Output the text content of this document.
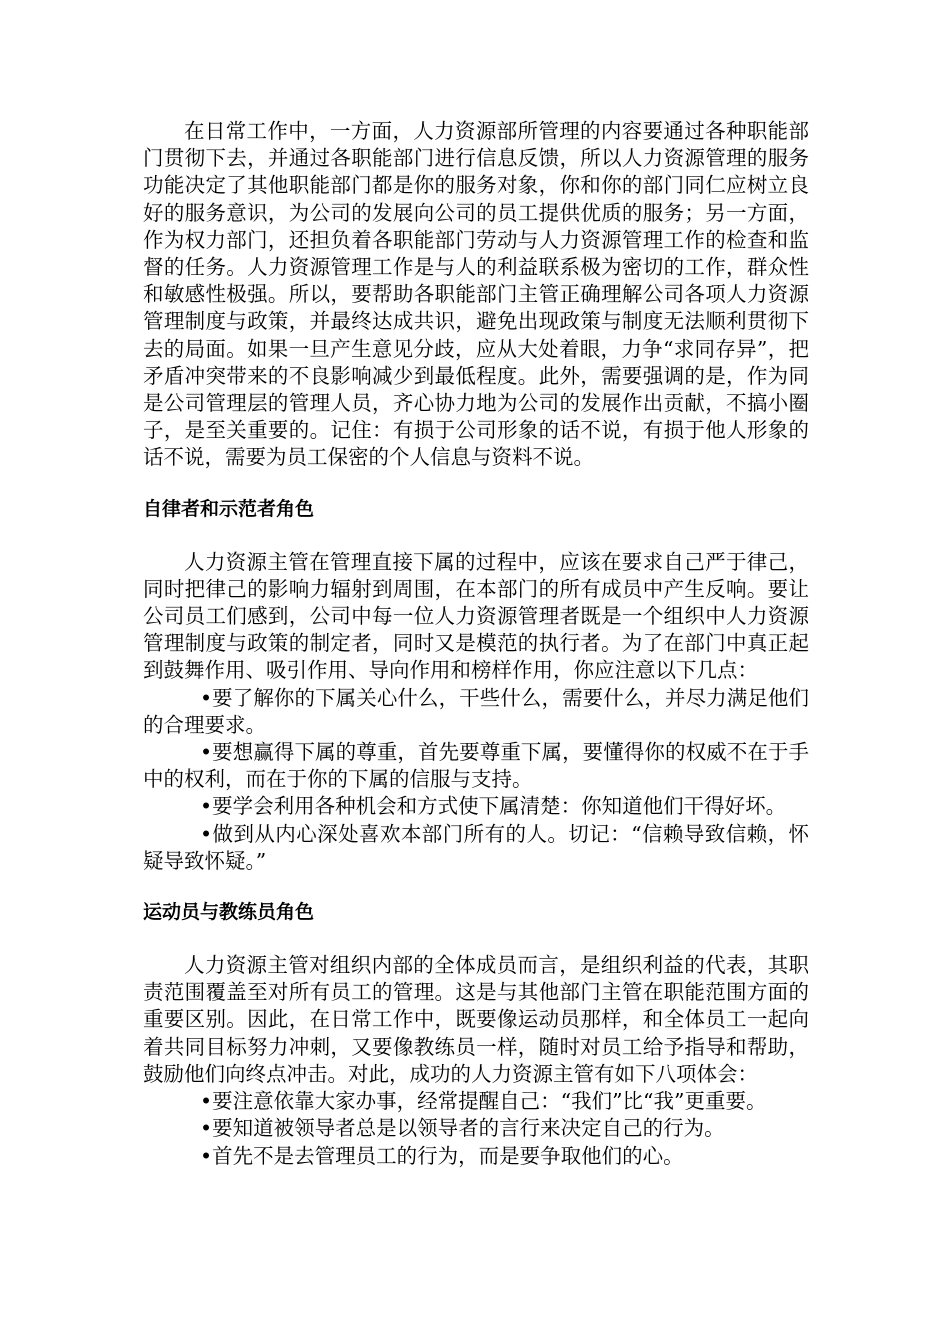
在日常工作中，一方面，人力资源部所管理的内容要通过各种职能部门贯彻下去，并通过各职能部门进行信息反馈，所以人力资源管理的服务功能决定了其他职能部门都是你的服务对象，你和你的部门同仁应树立良好的服务意识，为公司的发展向公司的员工提供优质的服务；另一方面，作为权力部门，还担负着各职能部门劳动与人力资源管理工作的检查和监督的任务。人力资源管理工作是与人的利益联系极为密切的工作，群众性和敏感性极强。所以，要帮助各职能部门主管正确理解公司各项人力资源管理制度与政策，并最终达成共识，避免出现政策与制度无法顺利贯彻下去的局面。如果一旦产生意见分歧，应从大处着眼，力争“求同存异”，把矛盾冲突带来的不良影响减少到最低程度。此外，需要强调的是，作为同是公司管理层的管理人员，齐心协力地为公司的发展作出贡献，不搞小圈子，是至关重要的。记住：有损于公司形象的话不说，有损于他人形象的话不说，需要为员工保密的个人信息与资料不说。

自律者和示范者角色

人力资源主管在管理直接下属的过程中，应该在要求自己严于律己，同时把律己的影响力辐射到周围，在本部门的所有成员中产生反响。要让公司员工们感到，公司中每一位人力资源管理者既是一个组织中人力资源管理制度与政策的制定者，同时又是模范的执行者。为了在部门中真正起到鼓舞作用、吸引作用、导向作用和榜样作用，你应注意以下几点：

•要了解你的下属关心什么，干些什么，需要什么，并尽力满足他们的合理要求。

•要想赢得下属的尊重，首先要尊重下属，要懂得你的权威不在于手中的权利，而在于你的下属的信服与支持。

•要学会利用各种机会和方式使下属清楚：你知道他们干得好坏。

•做到从内心深处喜欢本部门所有的人。切记：“信赖导致信赖，怀疑导致怀疑。”

运动员与教练员角色

人力资源主管对组织内部的全体成员而言，是组织利益的代表，其职责范围覆盖至对所有员工的管理。这是与其他部门主管在职能范围方面的重要区别。因此，在日常工作中，既要像运动员那样，和全体员工一起向着共同目标努力冲刺，又要像教练员一样，随时对员工给予指导和帮助，鼓励他们向终点冲击。对此，成功的人力资源主管有如下八项体会：

•要注意依靠大家办事，经常提醒自己：“我们”比“我”更重要。

•要知道被领导者总是以领导者的言行来决定自己的行为。

•首先不是去管理员工的行为，而是要争取他们的心。
